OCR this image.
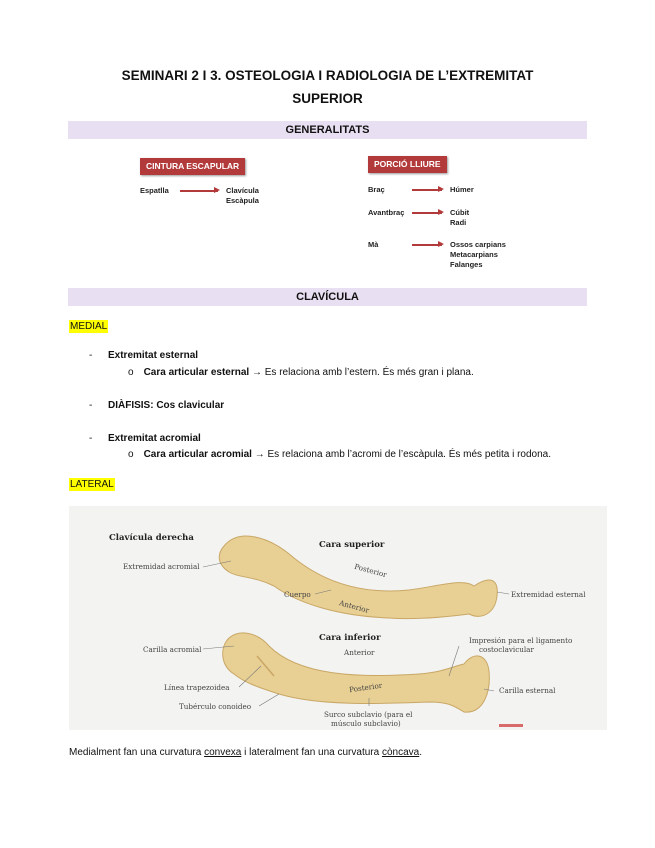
SEMINARI 2 I 3. OSTEOLOGIA I RADIOLOGIA DE L’EXTREMITAT
SUPERIOR
GENERALITATS
CINTURA ESCAPULAR
Espatlla	Clavícula
Escàpula
PORCIÓ LLIURE
Braç	Húmer
Avantbraç	Cúbit
Radi
Mà	Ossos carpians
Metacarpians
Falanges
CLAVÍCULA
MEDIAL
- Extremitat esternal
o Cara articular esternal → Es relaciona amb l’estern. És més gran i plana.
- DIÀFISIS: Cos clavicular
- Extremitat acromial
o Cara articular acromial → Es relaciona amb l’acromi de l’escàpula. És més petita i rodona.
LATERAL
Clavícula derecha
Cara superior
Extremidad acromial	Posterior
Cuerpo
Anterior
Extremidad esternal
Cara inferior
Carilla acromial	Anterior
Línea trapezoidea	Posterior
Tubérculo conoideo
Surco subclavio (para el
músculo subclavio)
Impresión para el ligamento
costoclavicular
Carilla esternal
Medialment fan una curvatura convexa i lateralment fan una curvatura còncava.
